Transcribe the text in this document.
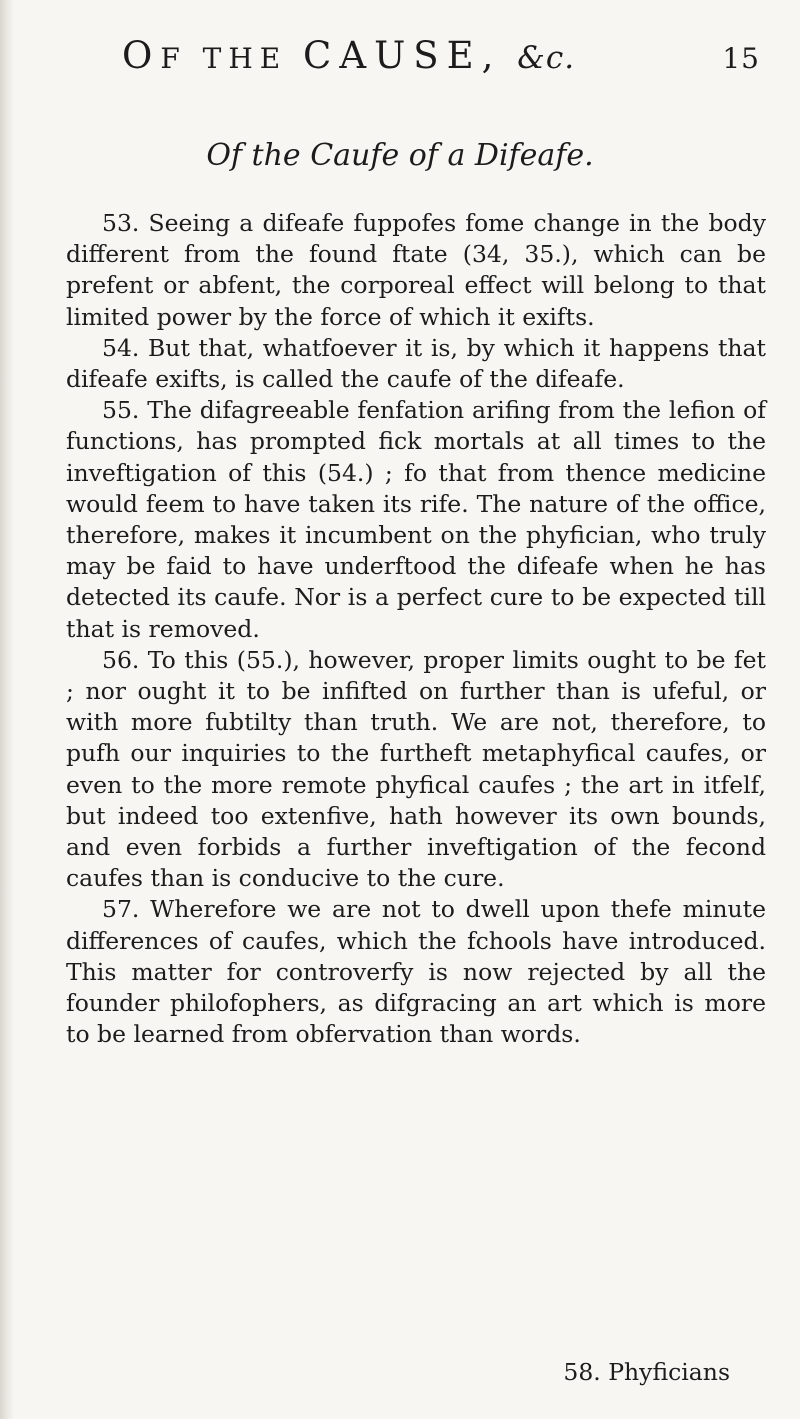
OF THE CAUSE, &c.	15
Of the Caufe of a Difeafe.

53. Seeing a difeafe fuppofes fome change in the body different from the found ftate (34, 35.), which can be prefent or abfent, the corporeal effect will belong to that limited power by the force of which it exifts.

54. But that, whatfoever it is, by which it happens that difeafe exifts, is called the caufe of the difeafe.

55. The difagreeable fenfation arifing from the lefion of functions, has prompted fick mortals at all times to the inveftigation of this (54.) ; fo that from thence medicine would feem to have taken its rife. The nature of the office, therefore, makes it incumbent on the phyfician, who truly may be faid to have underftood the difeafe when he has detected its caufe. Nor is a perfect cure to be expected till that is removed.

56. To this (55.), however, proper limits ought to be fet ; nor ought it to be infifted on further than is ufeful, or with more fubtilty than truth. We are not, therefore, to pufh our inquiries to the furtheft metaphyfical caufes, or even to the more remote phyfical caufes ; the art in itfelf, but indeed too extenfive, hath however its own bounds, and even forbids a further inveftigation of the fecond caufes than is conducive to the cure.

57. Wherefore we are not to dwell upon thefe minute differences of caufes, which the fchools have introduced. This matter for controverfy is now rejected by all the founder philofophers, as difgracing an art which is more to be learned from obfervation than words.

58. Phyficians
